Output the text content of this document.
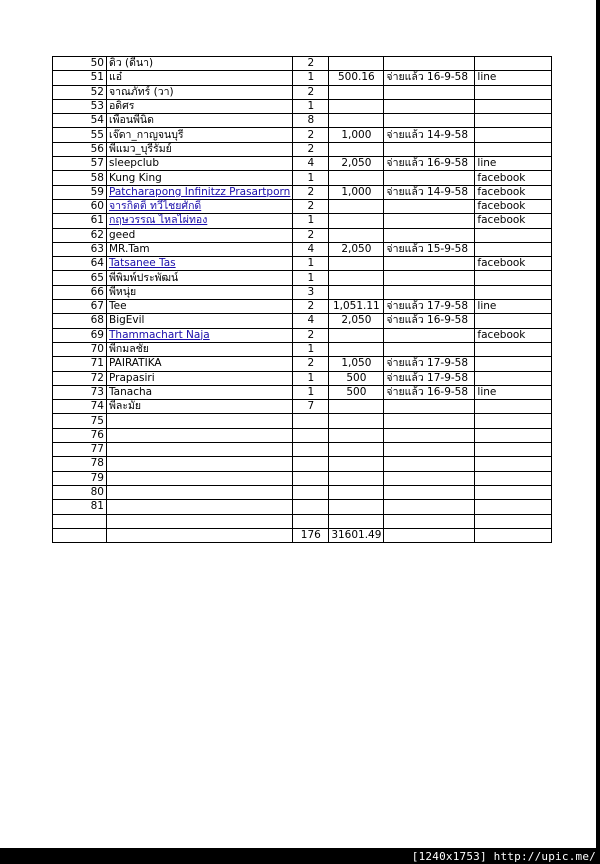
50	ดิว (ดีนา)	2			
51	แอ๋	1	500.16	จ่ายแล้ว 16-9-58	line
52	จาณภัทร์ (วา)	2			
53	อดิศร	1			
54	เพื่อนพี่นิด	8			
55	เจ๊ดา_กาญจนบุรี	2	1,000	จ่ายแล้ว 14-9-58	
56	พี่แมว_บุรีรัมย์	2			
57	sleepclub	4	2,050	จ่ายแล้ว 16-9-58	line
58	Kung King	1			facebook
59	Patcharapong Infinitzz Prasartporn	2	1,000	จ่ายแล้ว 14-9-58	facebook
60	จารกิตติ์ ทวีไชยศักดิ์	2			facebook
61	กฤษวรรณ ไหลไผ่ทอง	1			facebook
62	geed	2			
63	MR.Tam	4	2,050	จ่ายแล้ว 15-9-58	
64	Tatsanee Tas	1			facebook
65	พี่พิมพ์ประพัฒน์	1			
66	พี่หนุ่ย	3			
67	Tee	2	1,051.11	จ่ายแล้ว 17-9-58	line
68	BigEvil	4	2,050	จ่ายแล้ว 16-9-58	
69	Thammachart Naja	2			facebook
70	พี่กมลชัย	1			
71	PAIRATIKA	2	1,050	จ่ายแล้ว 17-9-58	
72	Prapasiri	1	500	จ่ายแล้ว 17-9-58	
73	Tanacha	1	500	จ่ายแล้ว 16-9-58	line
74	พี่ละมัย	7			
75					
76					
77					
78					
79					
80					
81					

		176	31601.49		
[1240x1753] http://upic.me/
